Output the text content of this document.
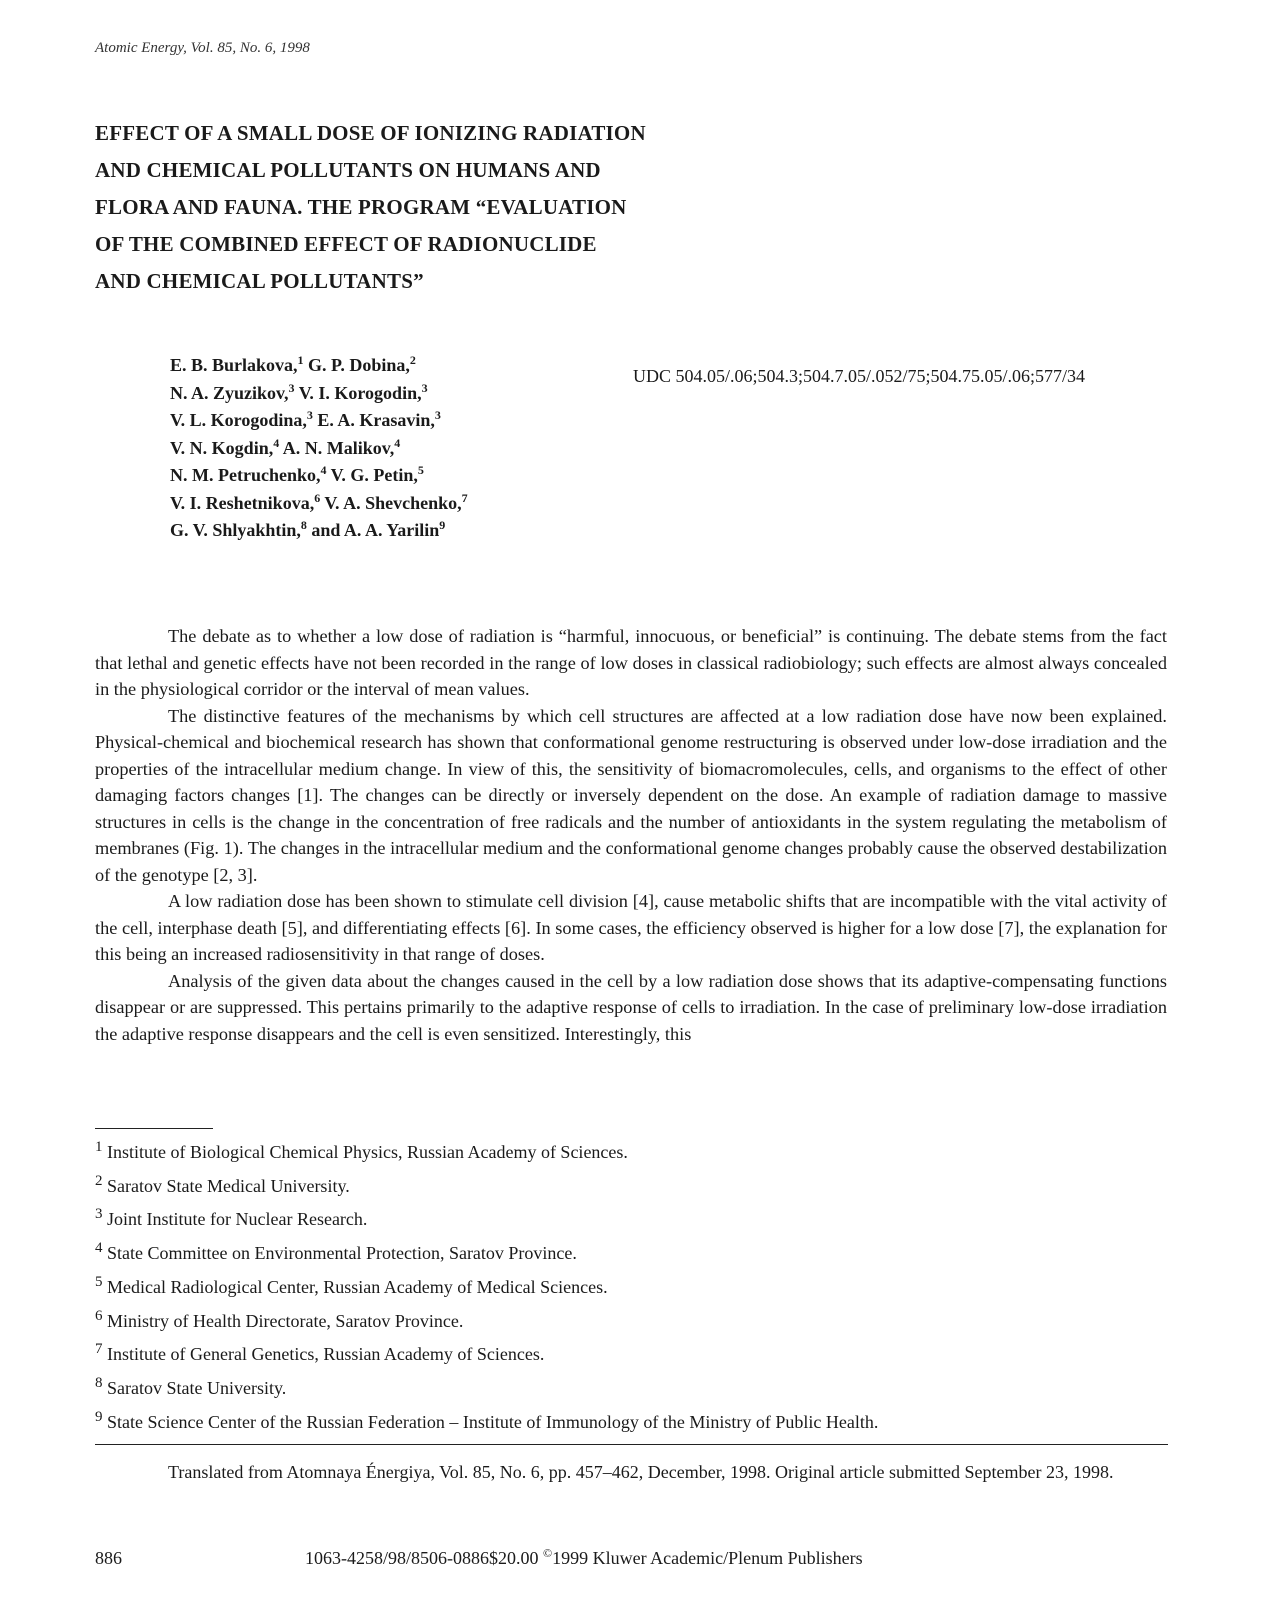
Atomic Energy, Vol. 85, No. 6, 1998
EFFECT OF A SMALL DOSE OF IONIZING RADIATION
AND CHEMICAL POLLUTANTS ON HUMANS AND
FLORA AND FAUNA. THE PROGRAM “EVALUATION
OF THE COMBINED EFFECT OF RADIONUCLIDE
AND CHEMICAL POLLUTANTS”
E. B. Burlakova,$^1$ G. P. Dobina,$^2$
N. A. Zyuzikov,$^3$ V. I. Korogodin,$^3$
V. L. Korogodina,$^3$ E. A. Krasavin,$^3$
V. N. Kogdin,$^4$ A. N. Malikov,$^4$
N. M. Petruchenko,$^4$ V. G. Petin,$^5$
V. I. Reshetnikova,$^6$ V. A. Shevchenko,$^7$
G. V. Shlyakhtin,$^8$ and A. A. Yarilin$^9$
UDC 504.05/.06;504.3;504.7.05/.052/75;504.75.05/.06;577/34

The debate as to whether a low dose of radiation is “harmful, innocuous, or beneficial” is continuing. The debate stems from the fact that lethal and genetic effects have not been recorded in the range of low doses in classical radiobiology; such effects are almost always concealed in the physiological corridor or the interval of mean values.

The distinctive features of the mechanisms by which cell structures are affected at a low radiation dose have now been explained. Physical-chemical and biochemical research has shown that conformational genome restructuring is observed under low-dose irradiation and the properties of the intracellular medium change. In view of this, the sensitivity of biomacromolecules, cells, and organisms to the effect of other damaging factors changes [1]. The changes can be directly or inversely dependent on the dose. An example of radiation damage to massive structures in cells is the change in the concentration of free radicals and the number of antioxidants in the system regulating the metabolism of membranes (Fig. 1). The changes in the intracellular medium and the conformational genome changes probably cause the observed destabilization of the genotype [2, 3].

A low radiation dose has been shown to stimulate cell division [4], cause metabolic shifts that are incompatible with the vital activity of the cell, interphase death [5], and differentiating effects [6]. In some cases, the efficiency observed is higher for a low dose [7], the explanation for this being an increased radiosensitivity in that range of doses.

Analysis of the given data about the changes caused in the cell by a low radiation dose shows that its adaptive-compensating functions disappear or are suppressed. This pertains primarily to the adaptive response of cells to irradiation. In the case of preliminary low-dose irradiation the adaptive response disappears and the cell is even sensitized. Interestingly, this

$^1$ Institute of Biological Chemical Physics, Russian Academy of Sciences.
$^2$ Saratov State Medical University.
$^3$ Joint Institute for Nuclear Research.
$^4$ State Committee on Environmental Protection, Saratov Province.
$^5$ Medical Radiological Center, Russian Academy of Medical Sciences.
$^6$ Ministry of Health Directorate, Saratov Province.
$^7$ Institute of General Genetics, Russian Academy of Sciences.
$^8$ Saratov State University.
$^9$ State Science Center of the Russian Federation – Institute of Immunology of the Ministry of Public Health.

Translated from Atomnaya Énergiya, Vol. 85, No. 6, pp. 457–462, December, 1998. Original article submitted September 23, 1998.

886	1063-4258/98/8506-0886$20.00 ©1999 Kluwer Academic/Plenum Publishers
